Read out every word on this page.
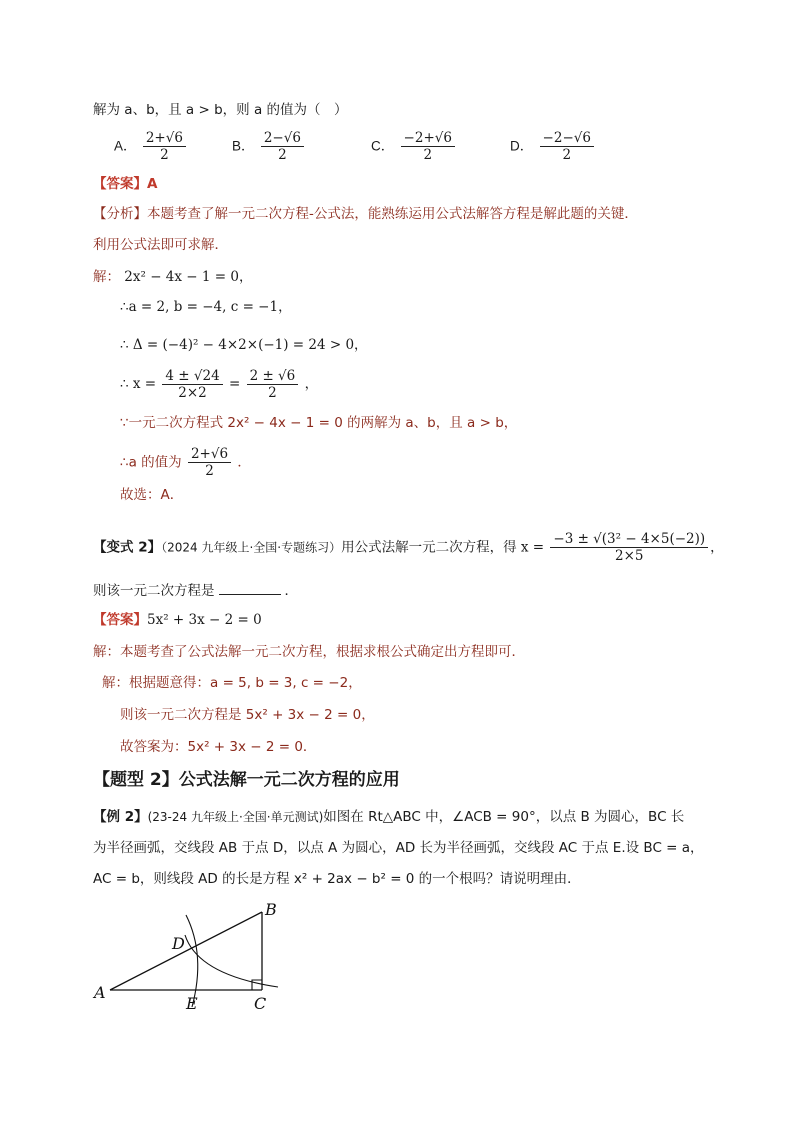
解为 a、b，且 a > b，则 a 的值为（　）
A． $\frac{2+√6}{2}$	B． $\frac{2-√6}{2}$	C． $\frac{-2+√6}{2}$	D． $\frac{-2-√6}{2}$
【答案】A
【分析】本题考查了解一元二次方程-公式法，能熟练运用公式法解答方程是解此题的关键．
利用公式法即可求解．
解： 2x² − 4x − 1 = 0，
∴a = 2, b = −4, c = −1，
∴ Δ = (−4)² − 4×2×(−1) = 24 > 0，
∴ $x = \frac{4 \pm √24}{2\times 2} = \frac{2 \pm √6}{2}$ ，
∵一元二次方程式 2x² − 4x − 1 = 0 的两解为 a、b，且 a > b，
∴a 的值为 $\frac{2+√6}{2}$ ．
故选：A．
【变式 2】（2024 九年级上·全国·专题练习）用公式法解一元二次方程，得 $x = \frac{\text{−3 ± √(3² − 4×5(−2))}}{2\times 5}$ ，
则该一元二次方程是	．
【答案】5x² + 3x − 2 = 0
解：本题考查了公式法解一元二次方程，根据求根公式确定出方程即可．
解：根据题意得：a = 5, b = 3, c = −2，
则该一元二次方程是 5x² + 3x − 2 = 0，
故答案为：5x² + 3x − 2 = 0．
【题型 2】公式法解一元二次方程的应用
【例 2】(23-24 九年级上·全国·单元测试)如图在 Rt△ABC 中，∠ACB = 90°，以点 B 为圆心，BC 长
为半径画弧，交线段 AB 于点 D，以点 A 为圆心，AD 长为半径画弧，交线段 AC 于点 E.设 BC = a，
AC = b，则线段 AD 的长是方程 x² + 2ax − b² = 0 的一个根吗？请说明理由．
A
B
C
D
E
